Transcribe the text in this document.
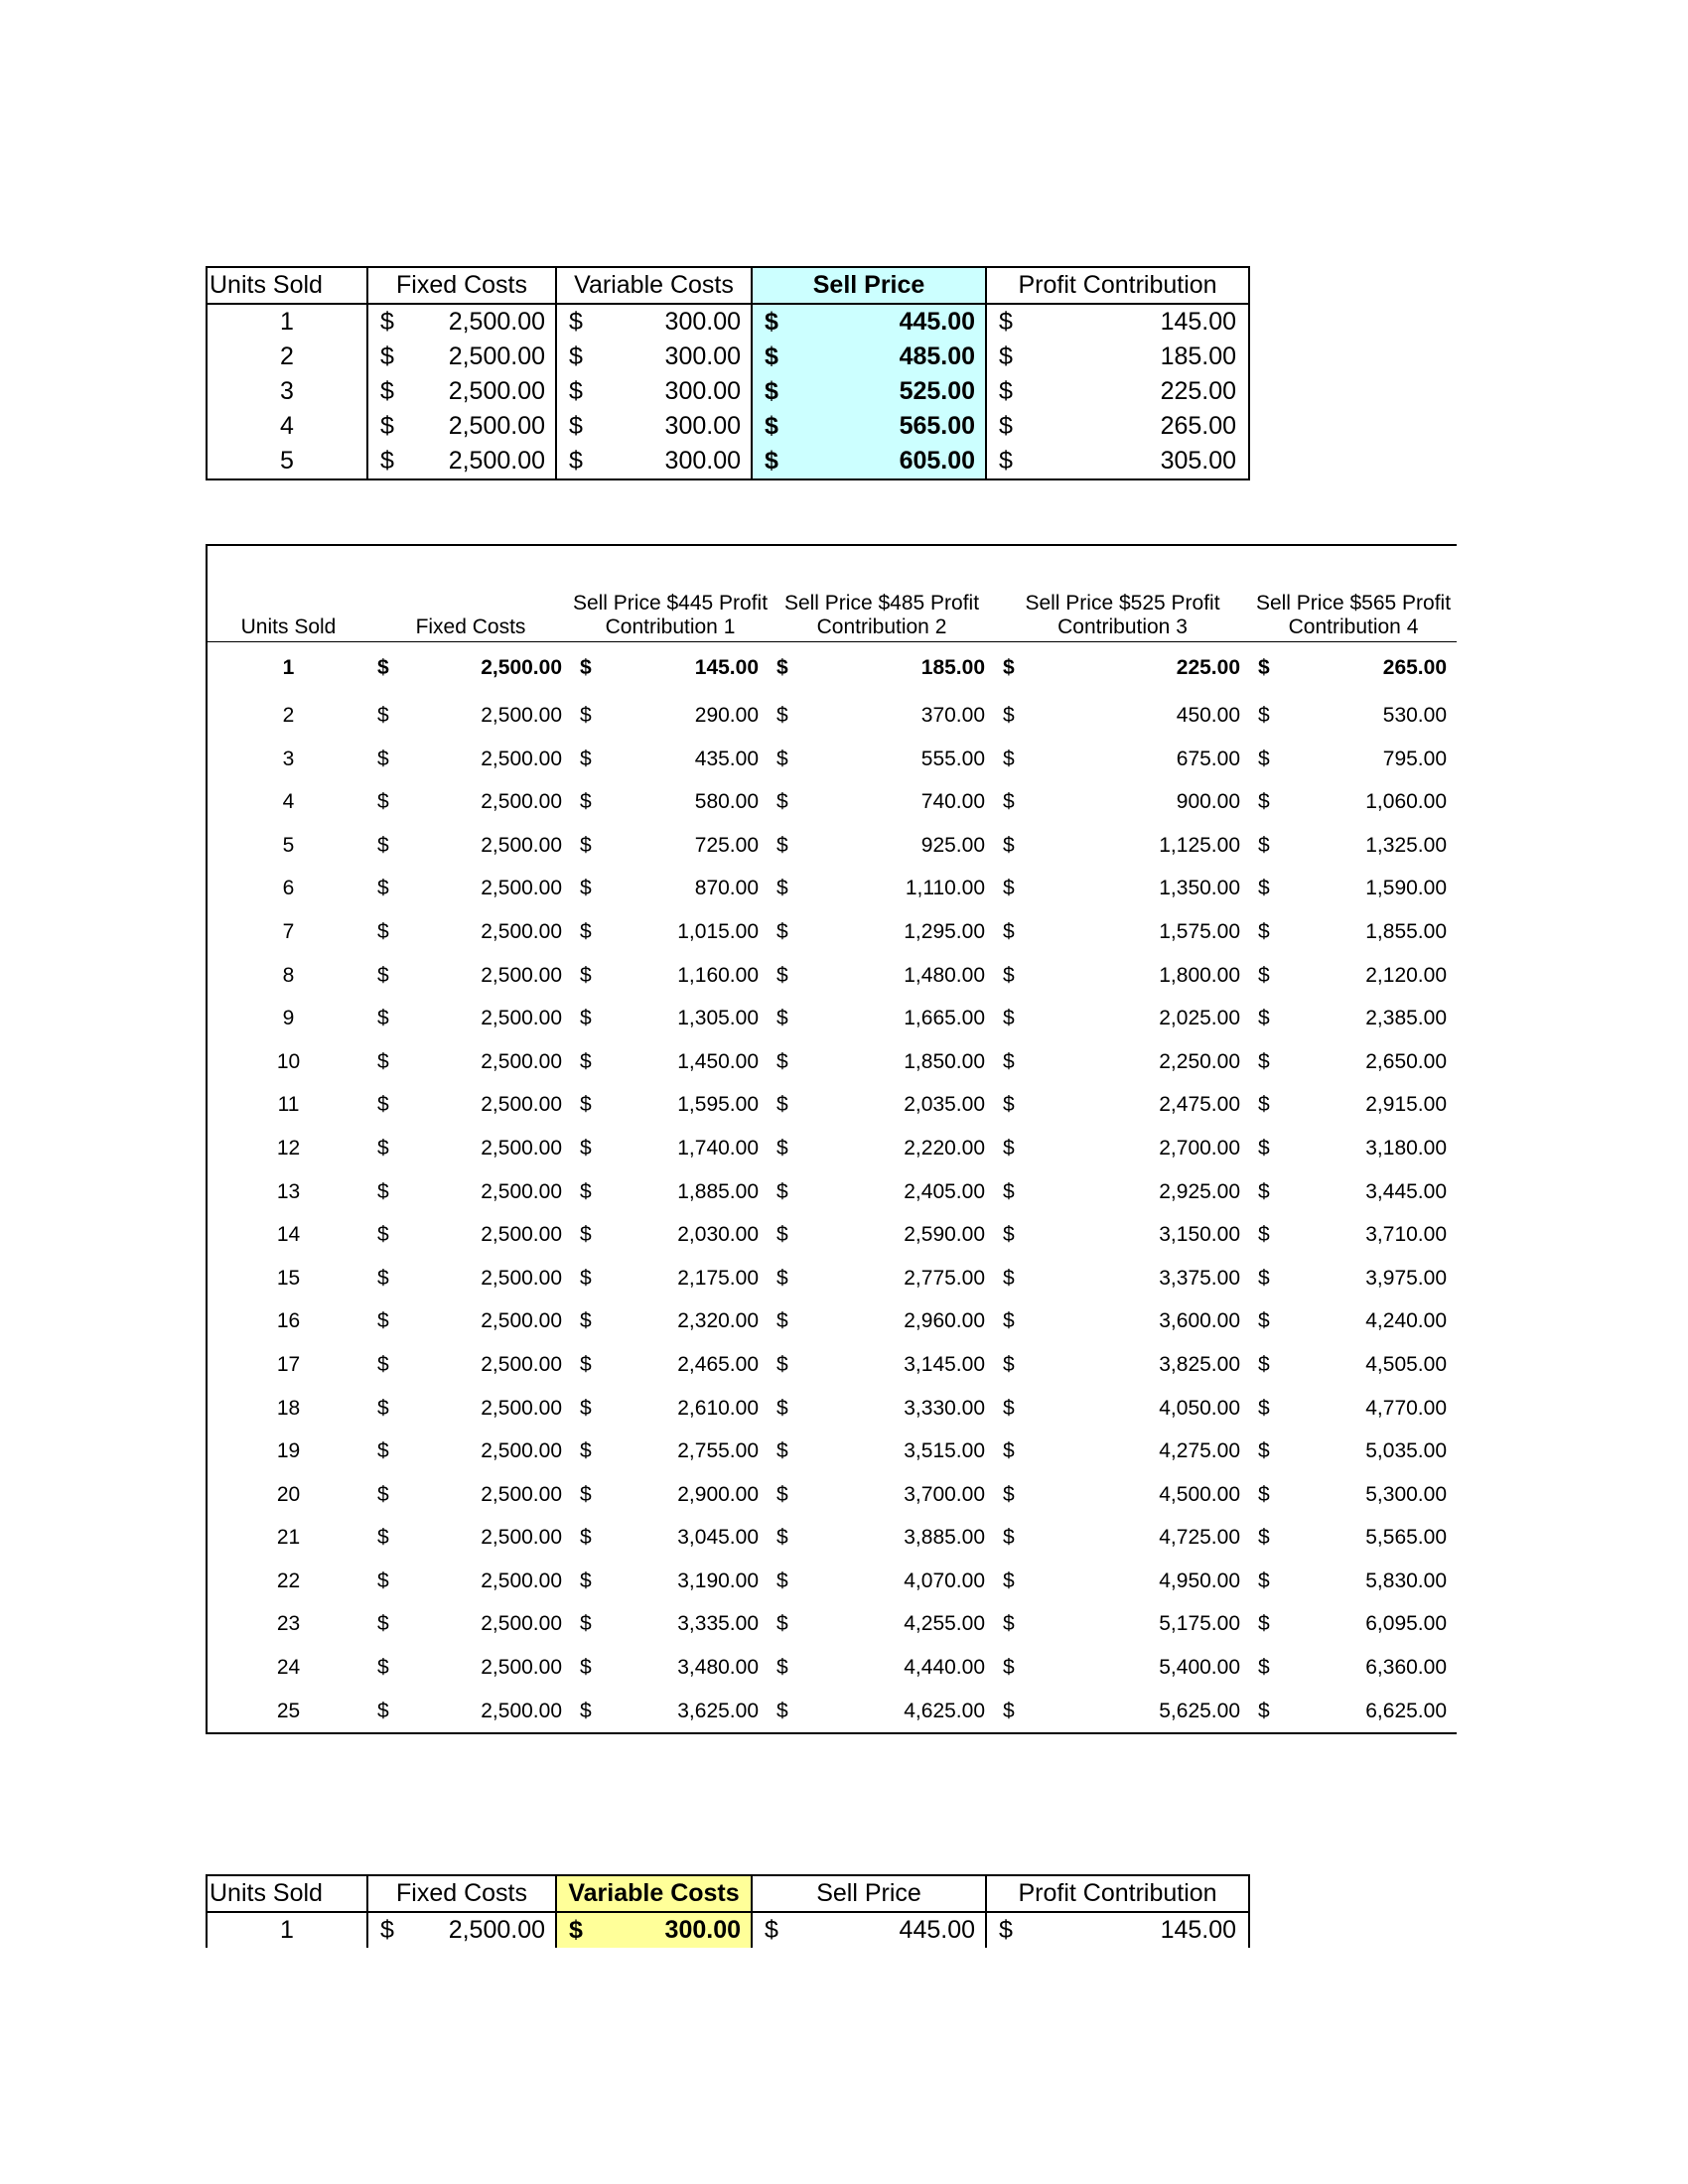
Units Sold	Fixed Costs		Variable Costs		Sell Price		Profit Contribution	
1	$	2,500.00	$	300.00	$	445.00	$	145.00
2	$	2,500.00	$	300.00	$	485.00	$	185.00
3	$	2,500.00	$	300.00	$	525.00	$	225.00
4	$	2,500.00	$	300.00	$	565.00	$	265.00
5	$	2,500.00	$	300.00	$	605.00	$	305.00
Units Sold	Fixed Costs		Sell Price $445 Profit Contribution 1		Sell Price $485 Profit Contribution 2		Sell Price $525 Profit Contribution 3		Sell Price $565 Profit Contribution 4	
1	$	2,500.00	$	145.00	$	185.00	$	225.00	$	265.00
2	$	2,500.00	$	290.00	$	370.00	$	450.00	$	530.00
3	$	2,500.00	$	435.00	$	555.00	$	675.00	$	795.00
4	$	2,500.00	$	580.00	$	740.00	$	900.00	$	1,060.00
5	$	2,500.00	$	725.00	$	925.00	$	1,125.00	$	1,325.00
6	$	2,500.00	$	870.00	$	1,110.00	$	1,350.00	$	1,590.00
7	$	2,500.00	$	1,015.00	$	1,295.00	$	1,575.00	$	1,855.00
8	$	2,500.00	$	1,160.00	$	1,480.00	$	1,800.00	$	2,120.00
9	$	2,500.00	$	1,305.00	$	1,665.00	$	2,025.00	$	2,385.00
10	$	2,500.00	$	1,450.00	$	1,850.00	$	2,250.00	$	2,650.00
11	$	2,500.00	$	1,595.00	$	2,035.00	$	2,475.00	$	2,915.00
12	$	2,500.00	$	1,740.00	$	2,220.00	$	2,700.00	$	3,180.00
13	$	2,500.00	$	1,885.00	$	2,405.00	$	2,925.00	$	3,445.00
14	$	2,500.00	$	2,030.00	$	2,590.00	$	3,150.00	$	3,710.00
15	$	2,500.00	$	2,175.00	$	2,775.00	$	3,375.00	$	3,975.00
16	$	2,500.00	$	2,320.00	$	2,960.00	$	3,600.00	$	4,240.00
17	$	2,500.00	$	2,465.00	$	3,145.00	$	3,825.00	$	4,505.00
18	$	2,500.00	$	2,610.00	$	3,330.00	$	4,050.00	$	4,770.00
19	$	2,500.00	$	2,755.00	$	3,515.00	$	4,275.00	$	5,035.00
20	$	2,500.00	$	2,900.00	$	3,700.00	$	4,500.00	$	5,300.00
21	$	2,500.00	$	3,045.00	$	3,885.00	$	4,725.00	$	5,565.00
22	$	2,500.00	$	3,190.00	$	4,070.00	$	4,950.00	$	5,830.00
23	$	2,500.00	$	3,335.00	$	4,255.00	$	5,175.00	$	6,095.00
24	$	2,500.00	$	3,480.00	$	4,440.00	$	5,400.00	$	6,360.00
25	$	2,500.00	$	3,625.00	$	4,625.00	$	5,625.00	$	6,625.00
Units Sold	Fixed Costs		Variable Costs		Sell Price		Profit Contribution	
1	$	2,500.00	$	300.00	$	445.00	$	145.00
